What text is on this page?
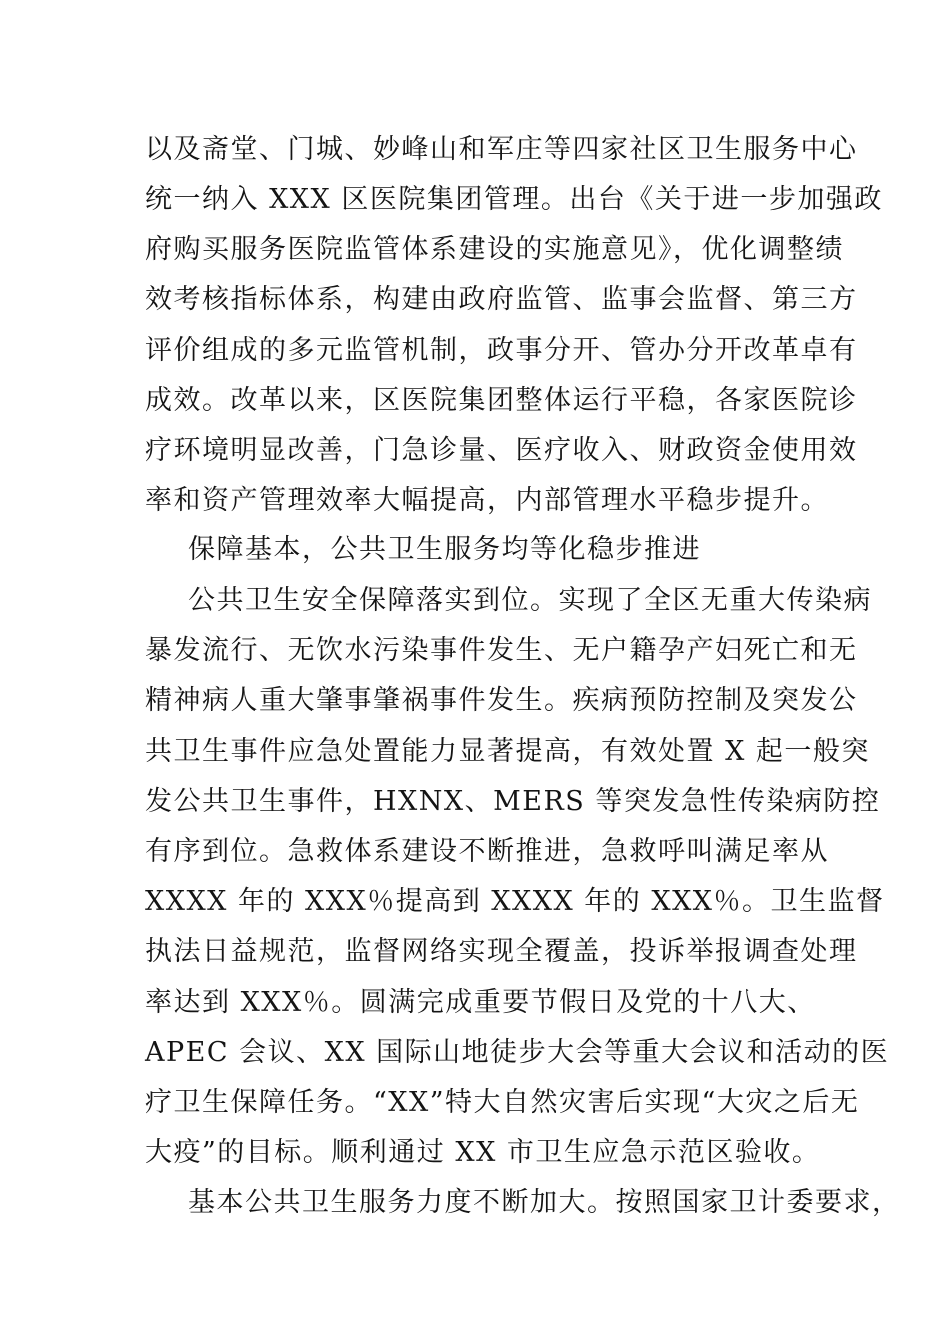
以及斋堂、门城、妙峰山和军庄等四家社区卫生服务中心
统一纳入 XXX 区医院集团管理。出台《关于进一步加强政
府购买服务医院监管体系建设的实施意见》，优化调整绩
效考核指标体系，构建由政府监管、监事会监督、第三方
评价组成的多元监管机制，政事分开、管办分开改革卓有
成效。改革以来，区医院集团整体运行平稳，各家医院诊
疗环境明显改善，门急诊量、医疗收入、财政资金使用效
率和资产管理效率大幅提高，内部管理水平稳步提升。
保障基本，公共卫生服务均等化稳步推进
公共卫生安全保障落实到位。实现了全区无重大传染病
暴发流行、无饮水污染事件发生、无户籍孕产妇死亡和无
精神病人重大肇事肇祸事件发生。疾病预防控制及突发公
共卫生事件应急处置能力显著提高，有效处置 X 起一般突
发公共卫生事件，HXNX、MERS 等突发急性传染病防控
有序到位。急救体系建设不断推进，急救呼叫满足率从
XXXX 年的 XXX％提高到 XXXX 年的 XXX％。卫生监督
执法日益规范，监督网络实现全覆盖，投诉举报调查处理
率达到 XXX％。圆满完成重要节假日及党的十八大、
APEC 会议、XX 国际山地徒步大会等重大会议和活动的医
疗卫生保障任务。“XX”特大自然灾害后实现“大灾之后无
大疫”的目标。顺利通过 XX 市卫生应急示范区验收。
基本公共卫生服务力度不断加大。按照国家卫计委要求，
